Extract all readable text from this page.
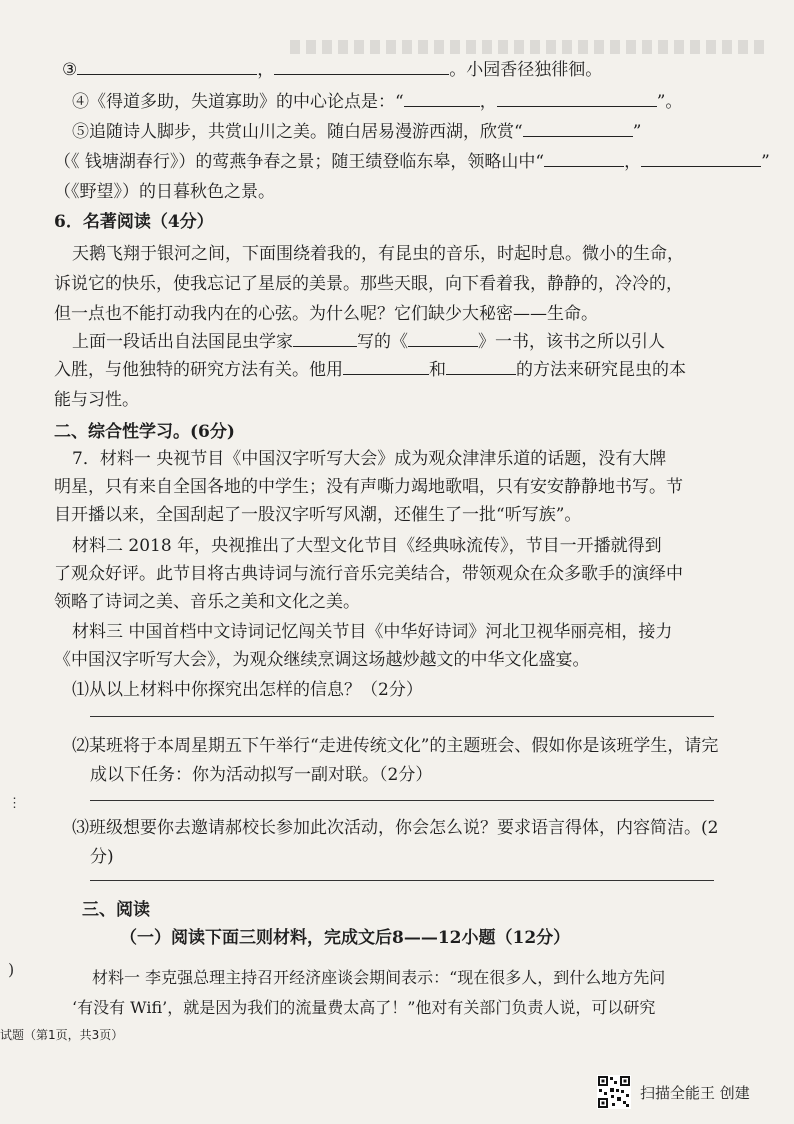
③	，	。小园香径独徘徊。
④《得道多助，失道寡助》的中心论点是：“	，	”。
⑤追随诗人脚步，共赏山川之美。随白居易漫游西湖，欣赏“	”
（《 钱塘湖春行》）的莺燕争春之景；随王绩登临东皋，领略山中“	，	”
（《野望》）的日暮秋色之景。
6．名著阅读（4分）
天鹅飞翔于银河之间，下面围绕着我的，有昆虫的音乐，时起时息。微小的生命，
诉说它的快乐，使我忘记了星辰的美景。那些天眼，向下看着我，静静的，冷冷的，
但一点也不能打动我内在的心弦。为什么呢？它们缺少大秘密——生命。
上面一段话出自法国昆虫学家	写的《	》一书，该书之所以引人
入胜，与他独特的研究方法有关。他用	和	的方法来研究昆虫的本
能与习性。
二、综合性学习。(6分)
7．材料一 央视节目《中国汉字听写大会》成为观众津津乐道的话题，没有大牌
明星，只有来自全国各地的中学生；没有声嘶力竭地歌唱，只有安安静静地书写。节
目开播以来，全国刮起了一股汉字听写风潮，还催生了一批“听写族”。
材料二 2018 年，央视推出了大型文化节目《经典咏流传》，节目一开播就得到
了观众好评。此节目将古典诗词与流行音乐完美结合，带领观众在众多歌手的演绎中
领略了诗词之美、音乐之美和文化之美。
材料三 中国首档中文诗词记忆闯关节目《中华好诗词》河北卫视华丽亮相，接力
《中国汉字听写大会》，为观众继续烹调这场越炒越文的中华文化盛宴。
⑴从以上材料中你探究出怎样的信息？（2分）
⑵某班将于本周星期五下午举行“走进传统文化”的主题班会、假如你是该班学生，请完
成以下任务：你为活动拟写一副对联。（2分）
⋮
⑶班级想要你去邀请郝校长参加此次活动，你会怎么说？要求语言得体，内容简洁。(2
分)
三、阅读
（一）阅读下面三则材料，完成文后8——12小题（12分）
材料一 李克强总理主持召开经济座谈会期间表示：“现在很多人，到什么地方先问
‘有没有 Wifi’，就是因为我们的流量费太高了！”他对有关部门负责人说，可以研究
)
试题（第1页，共3页）
扫描全能王 创建
